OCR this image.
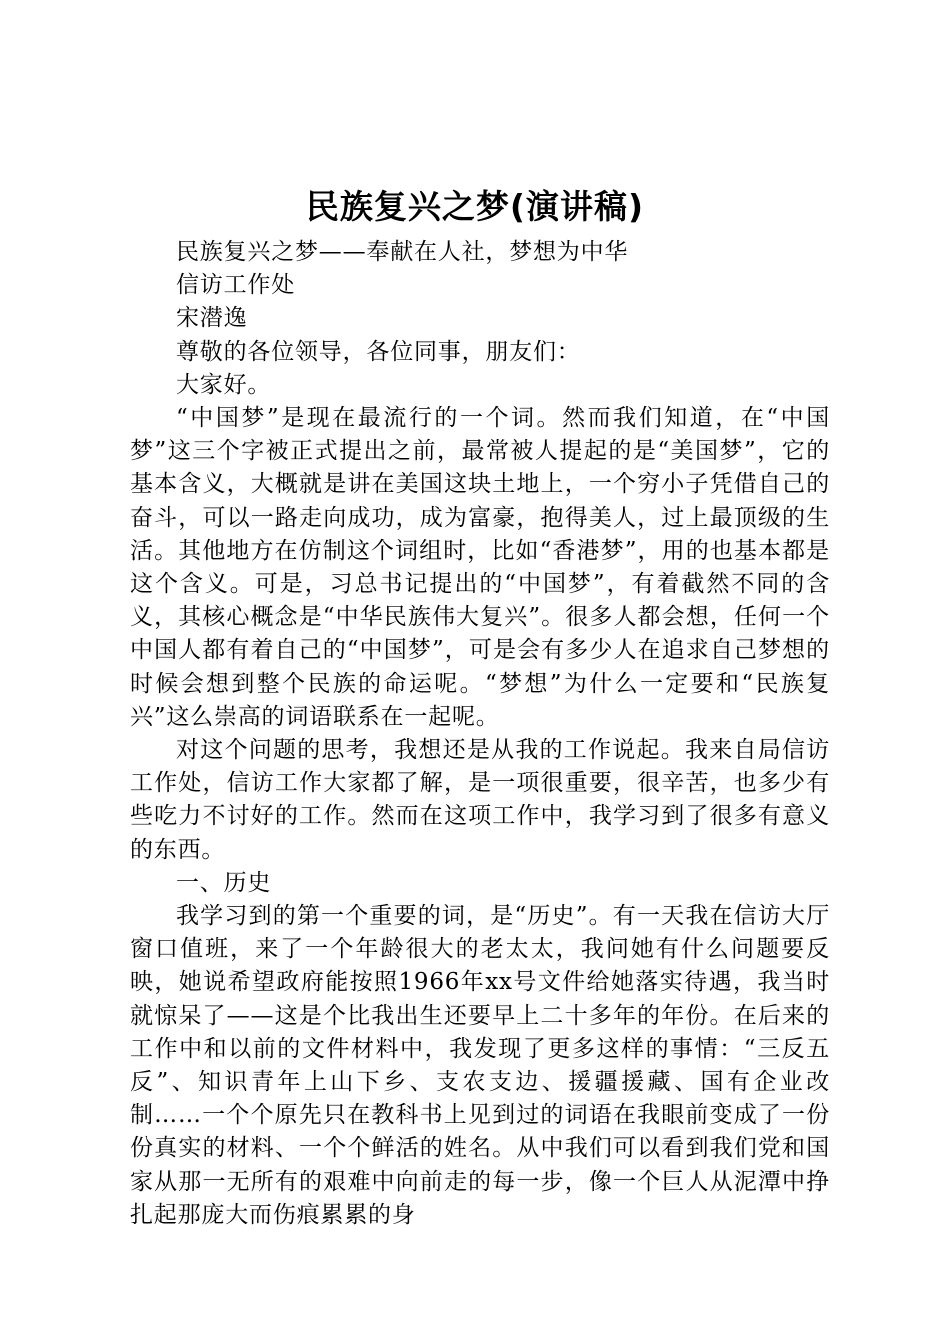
民族复兴之梦(演讲稿)

民族复兴之梦——奉献在人社，梦想为中华

信访工作处

宋潜逸

尊敬的各位领导，各位同事，朋友们：

大家好。

“中国梦”是现在最流行的一个词。然而我们知道，在“中国梦”这三个字被正式提出之前，最常被人提起的是“美国梦”，它的基本含义，大概就是讲在美国这块土地上，一个穷小子凭借自己的奋斗，可以一路走向成功，成为富豪，抱得美人，过上最顶级的生活。其他地方在仿制这个词组时，比如“香港梦”，用的也基本都是这个含义。可是，习总书记提出的“中国梦”，有着截然不同的含义，其核心概念是“中华民族伟大复兴”。很多人都会想，任何一个中国人都有着自己的“中国梦”，可是会有多少人在追求自己梦想的时候会想到整个民族的命运呢。“梦想”为什么一定要和“民族复兴”这么崇高的词语联系在一起呢。

对这个问题的思考，我想还是从我的工作说起。我来自局信访工作处，信访工作大家都了解，是一项很重要，很辛苦，也多少有些吃力不讨好的工作。然而在这项工作中，我学习到了很多有意义的东西。

一、历史

我学习到的第一个重要的词，是“历史”。有一天我在信访大厅窗口值班，来了一个年龄很大的老太太，我问她有什么问题要反映，她说希望政府能按照1966年xx号文件给她落实待遇，我当时就惊呆了——这是个比我出生还要早上二十多年的年份。在后来的工作中和以前的文件材料中，我发现了更多这样的事情：“三反五反”、知识青年上山下乡、支农支边、援疆援藏、国有企业改制……一个个原先只在教科书上见到过的词语在我眼前变成了一份份真实的材料、一个个鲜活的姓名。从中我们可以看到我们党和国家从那一无所有的艰难中向前走的每一步，像一个巨人从泥潭中挣扎起那庞大而伤痕累累的身
